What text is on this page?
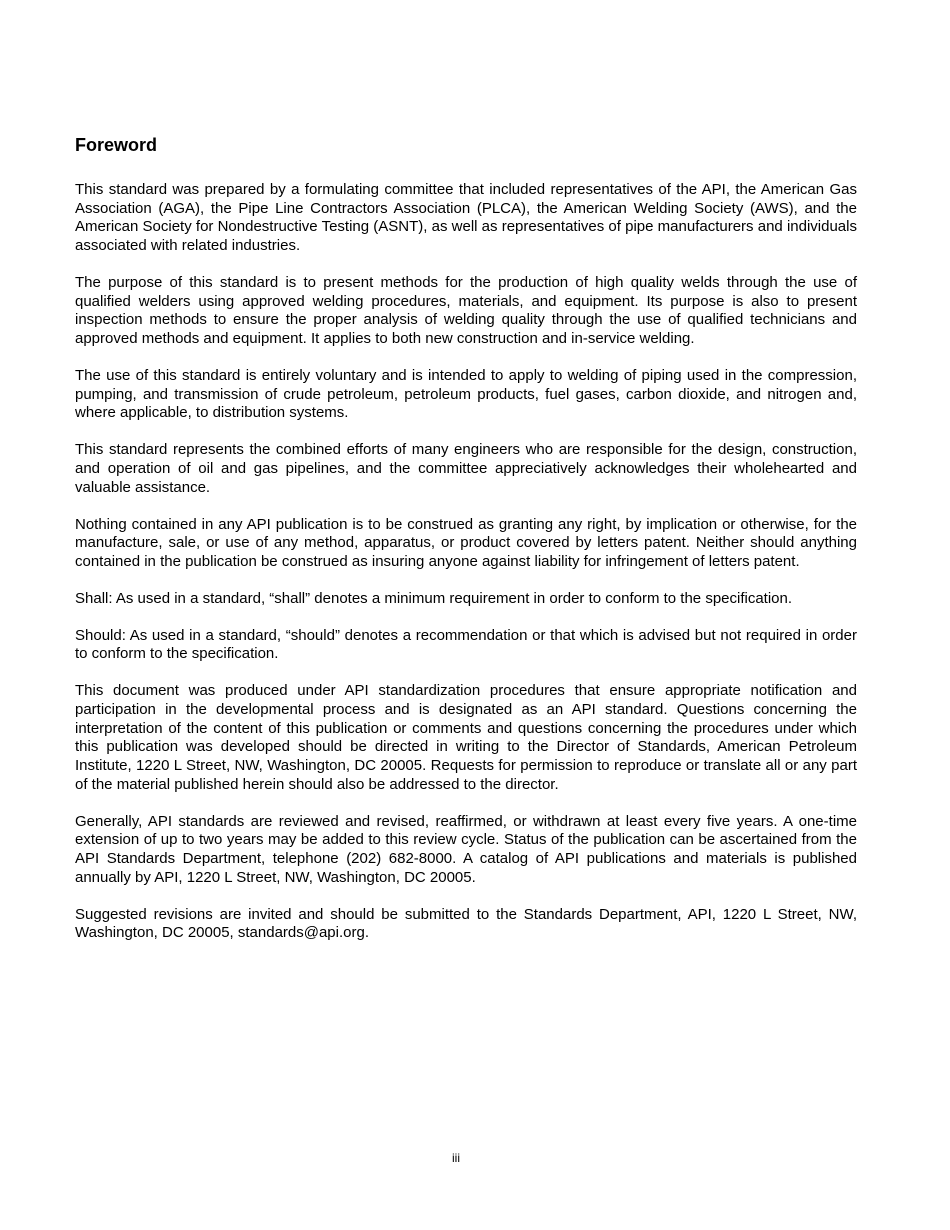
Foreword

This standard was prepared by a formulating committee that included representatives of the API, the American Gas Association (AGA), the Pipe Line Contractors Association (PLCA), the American Welding Society (AWS), and the American Society for Nondestructive Testing (ASNT), as well as representatives of pipe manufacturers and individuals associated with related industries.

The purpose of this standard is to present methods for the production of high quality welds through the use of qualified welders using approved welding procedures, materials, and equipment. Its purpose is also to present inspection methods to ensure the proper analysis of welding quality through the use of qualified technicians and approved methods and equipment. It applies to both new construction and in-service welding.

The use of this standard is entirely voluntary and is intended to apply to welding of piping used in the compression, pumping, and transmission of crude petroleum, petroleum products, fuel gases, carbon dioxide, and nitrogen and, where applicable, to distribution systems.

This standard represents the combined efforts of many engineers who are responsible for the design, construction, and operation of oil and gas pipelines, and the committee appreciatively acknowledges their wholehearted and valuable assistance.

Nothing contained in any API publication is to be construed as granting any right, by implication or otherwise, for the manufacture, sale, or use of any method, apparatus, or product covered by letters patent. Neither should anything contained in the publication be construed as insuring anyone against liability for infringement of letters patent.

Shall: As used in a standard, “shall” denotes a minimum requirement in order to conform to the specification.

Should: As used in a standard, “should” denotes a recommendation or that which is advised but not required in order to conform to the specification.

This document was produced under API standardization procedures that ensure appropriate notification and participation in the developmental process and is designated as an API standard. Questions concerning the interpretation of the content of this publication or comments and questions concerning the procedures under which this publication was developed should be directed in writing to the Director of Standards, American Petroleum Institute, 1220 L Street, NW, Washington, DC 20005. Requests for permission to reproduce or translate all or any part of the material published herein should also be addressed to the director.

Generally, API standards are reviewed and revised, reaffirmed, or withdrawn at least every five years. A one-time extension of up to two years may be added to this review cycle. Status of the publication can be ascertained from the API Standards Department, telephone (202) 682-8000. A catalog of API publications and materials is published annually by API, 1220 L Street, NW, Washington, DC 20005.

Suggested revisions are invited and should be submitted to the Standards Department, API, 1220 L Street, NW, Washington, DC 20005, standards@api.org.

iii
